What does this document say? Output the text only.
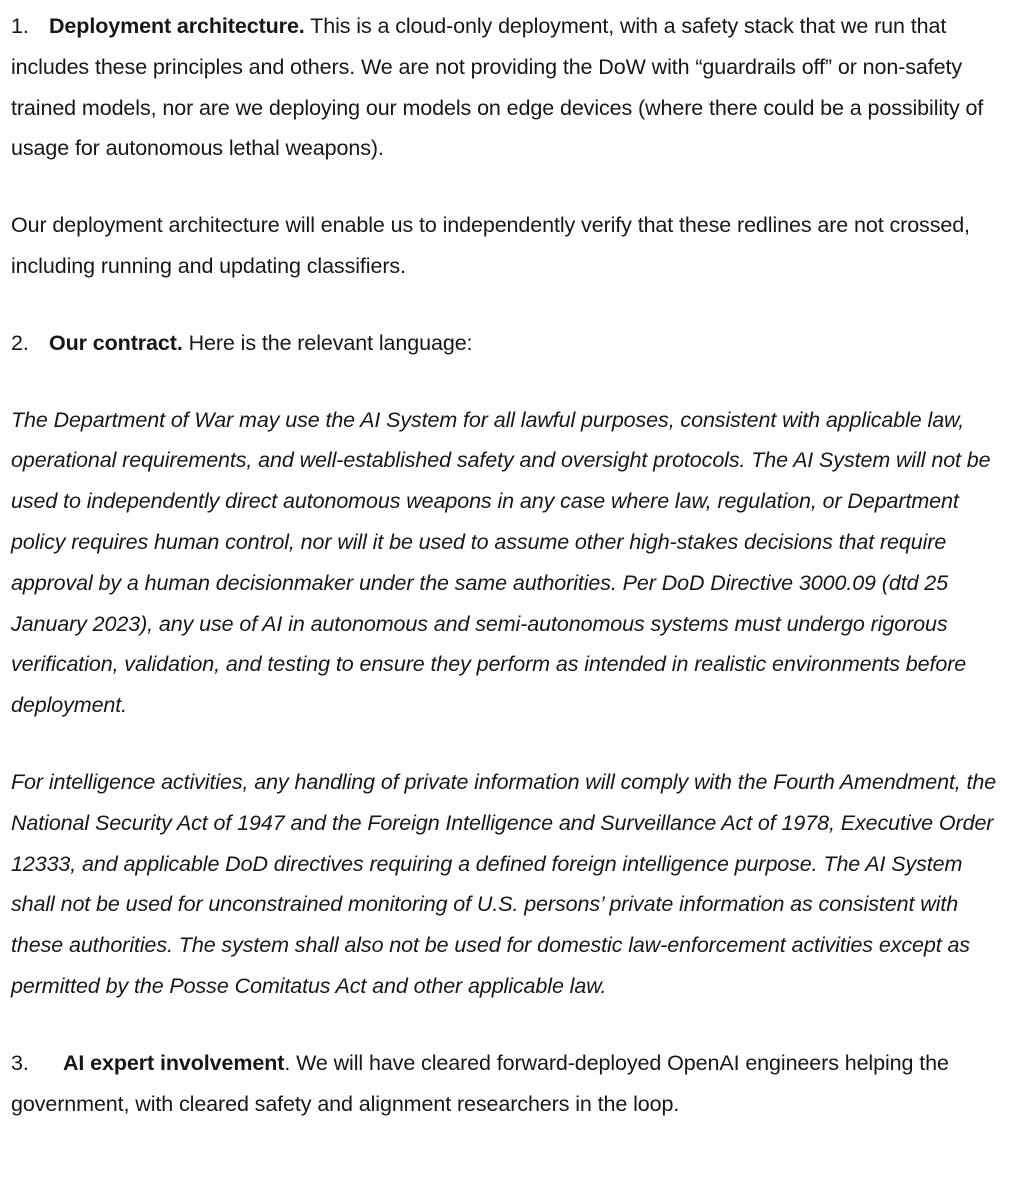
1. Deployment architecture. This is a cloud-only deployment, with a safety stack that we run that includes these principles and others. We are not providing the DoW with “guardrails off” or non-safety trained models, nor are we deploying our models on edge devices (where there could be a possibility of usage for autonomous lethal weapons).

Our deployment architecture will enable us to independently verify that these redlines are not crossed, including running and updating classifiers.

2. Our contract. Here is the relevant language:

The Department of War may use the AI System for all lawful purposes, consistent with applicable law, operational requirements, and well-established safety and oversight protocols. The AI System will not be used to independently direct autonomous weapons in any case where law, regulation, or Department policy requires human control, nor will it be used to assume other high-stakes decisions that require approval by a human decisionmaker under the same authorities. Per DoD Directive 3000.09 (dtd 25 January 2023), any use of AI in autonomous and semi-autonomous systems must undergo rigorous verification, validation, and testing to ensure they perform as intended in realistic environments before deployment.

For intelligence activities, any handling of private information will comply with the Fourth Amendment, the National Security Act of 1947 and the Foreign Intelligence and Surveillance Act of 1978, Executive Order 12333, and applicable DoD directives requiring a defined foreign intelligence purpose. The AI System shall not be used for unconstrained monitoring of U.S. persons’ private information as consistent with these authorities. The system shall also not be used for domestic law-enforcement activities except as permitted by the Posse Comitatus Act and other applicable law.

3. AI expert involvement. We will have cleared forward-deployed OpenAI engineers helping the government, with cleared safety and alignment researchers in the loop.
